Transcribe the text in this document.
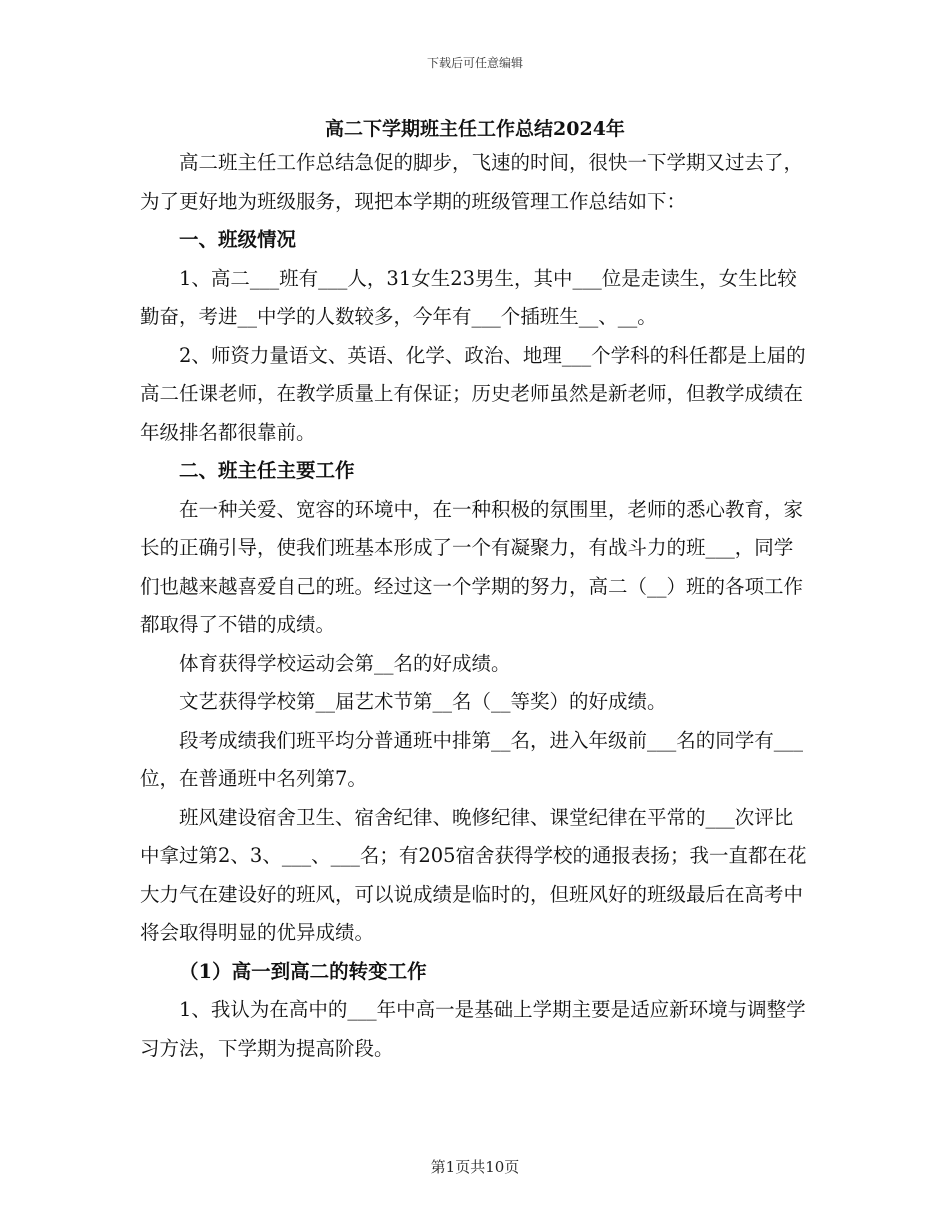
下载后可任意编辑
高二下学期班主任工作总结2024年

高二班主任工作总结急促的脚步，飞速的时间，很快一下学期又过去了，为了更好地为班级服务，现把本学期的班级管理工作总结如下：

一、班级情况

1、高二___班有___人，31女生23男生，其中___位是走读生，女生比较勤奋，考进__中学的人数较多，今年有___个插班生__、__。

2、师资力量语文、英语、化学、政治、地理___个学科的科任都是上届的高二任课老师，在教学质量上有保证；历史老师虽然是新老师，但教学成绩在年级排名都很靠前。

二、班主任主要工作

在一种关爱、宽容的环境中，在一种积极的氛围里，老师的悉心教育，家长的正确引导，使我们班基本形成了一个有凝聚力，有战斗力的班___，同学们也越来越喜爱自己的班。经过这一个学期的努力，高二（__）班的各项工作都取得了不错的成绩。

体育获得学校运动会第__名的好成绩。

文艺获得学校第__届艺术节第__名（__等奖）的好成绩。

段考成绩我们班平均分普通班中排第__名，进入年级前___名的同学有___位，在普通班中名列第7。

班风建设宿舍卫生、宿舍纪律、晚修纪律、课堂纪律在平常的___次评比中拿过第2、3、___、___名；有205宿舍获得学校的通报表扬；我一直都在花大力气在建设好的班风，可以说成绩是临时的，但班风好的班级最后在高考中将会取得明显的优异成绩。

（1）高一到高二的转变工作

1、我认为在高中的___年中高一是基础上学期主要是适应新环境与调整学习方法，下学期为提高阶段。

第1页共10页
